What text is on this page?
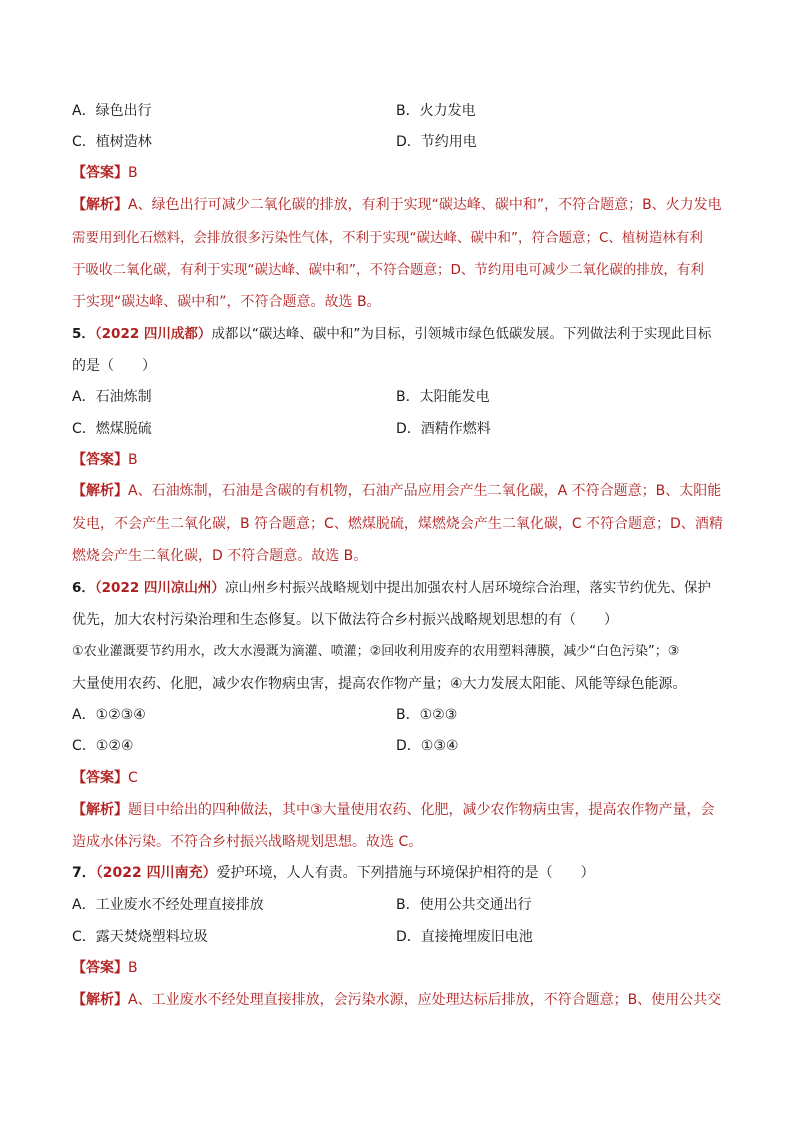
A．绿色出行	B．火力发电
C．植树造林	D．节约用电
【答案】B
【解析】A、绿色出行可减少二氧化碳的排放，有利于实现“碳达峰、碳中和”，不符合题意；B、火力发电
需要用到化石燃料，会排放很多污染性气体，不利于实现“碳达峰、碳中和”，符合题意；C、植树造林有利
于吸收二氧化碳，有利于实现“碳达峰、碳中和”，不符合题意；D、节约用电可减少二氧化碳的排放，有利
于实现“碳达峰、碳中和”，不符合题意。故选 B。
5．（2022 四川成都）成都以“碳达峰、碳中和”为目标，引领城市绿色低碳发展。下列做法利于实现此目标
的是（　　）
A．石油炼制	B．太阳能发电
C．燃煤脱硫	D．酒精作燃料
【答案】B
【解析】A、石油炼制，石油是含碳的有机物，石油产品应用会产生二氧化碳，A 不符合题意；B、太阳能
发电，不会产生二氧化碳，B 符合题意；C、燃煤脱硫，煤燃烧会产生二氧化碳，C 不符合题意；D、酒精
燃烧会产生二氧化碳，D 不符合题意。故选 B。
6．（2022 四川凉山州）凉山州乡村振兴战略规划中提出加强农村人居环境综合治理，落实节约优先、保护
优先，加大农村污染治理和生态修复。以下做法符合乡村振兴战略规划思想的有（　　）
①农业灌溉要节约用水，改大水漫溉为滴灌、喷灌；②回收利用废弃的农用塑料薄膜，减少“白色污染”；③
大量使用农药、化肥，减少农作物病虫害，提高农作物产量；④大力发展太阳能、风能等绿色能源。
A．①②③④	B．①②③
C．①②④	D．①③④
【答案】C
【解析】题目中给出的四种做法，其中③大量使用农药、化肥，减少农作物病虫害，提高农作物产量，会
造成水体污染。不符合乡村振兴战略规划思想。故选 C。
7．（2022 四川南充）爱护环境，人人有责。下列措施与环境保护相符的是（　　）
A．工业废水不经处理直接排放	B．使用公共交通出行
C．露天焚烧塑料垃圾	D．直接掩埋废旧电池
【答案】B
【解析】A、工业废水不经处理直接排放，会污染水源，应处理达标后排放，不符合题意；B、使用公共交
